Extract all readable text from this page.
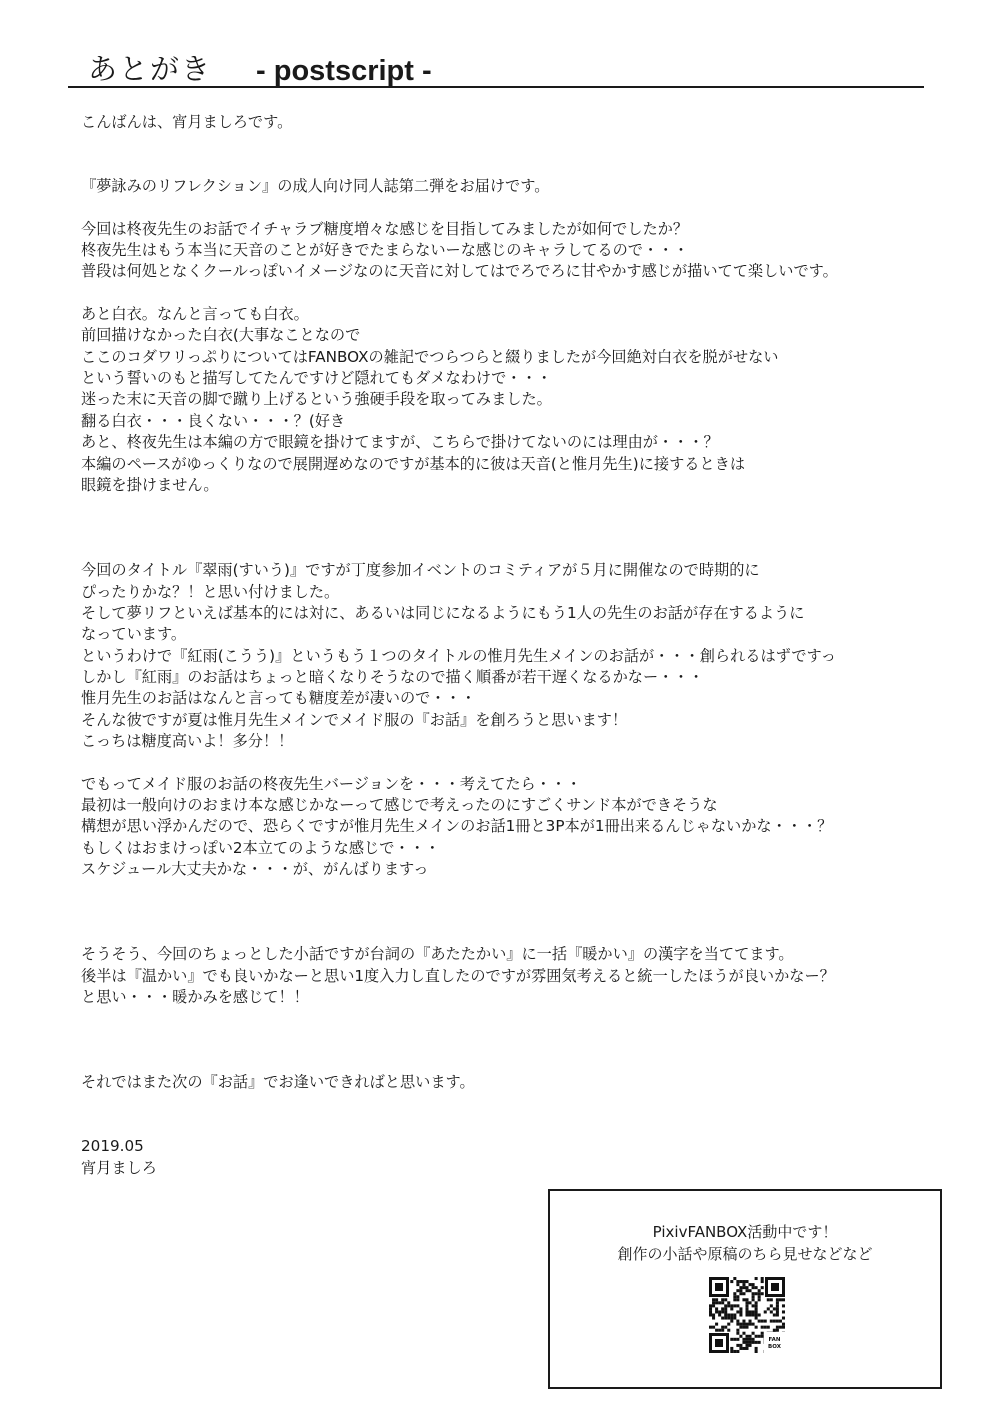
あとがき - postscript -
こんばんは、宵月ましろです。
『夢詠みのリフレクション』の成人向け同人誌第二弾をお届けです。
今回は柊夜先生のお話でイチャラブ糖度増々な感じを目指してみましたが如何でしたか？
柊夜先生はもう本当に天音のことが好きでたまらないーな感じのキャラしてるので・・・
普段は何処となくクールっぽいイメージなのに天音に対してはでろでろに甘やかす感じが描いてて楽しいです。
あと白衣。なんと言っても白衣。
前回描けなかった白衣(大事なことなので
ここのコダワリっぷりについてはFANBOXの雑記でつらつらと綴りましたが今回絶対白衣を脱がせない
という誓いのもと描写してたんですけど隠れてもダメなわけで・・・
迷った末に天音の脚で蹴り上げるという強硬手段を取ってみました。
翻る白衣・・・良くない・・・？(好き
あと、柊夜先生は本編の方で眼鏡を掛けてますが、こちらで掛けてないのには理由が・・・？
本編のペースがゆっくりなので展開遅めなのですが基本的に彼は天音(と惟月先生)に接するときは
眼鏡を掛けません。
今回のタイトル『翠雨(すいう)』ですが丁度参加イベントのコミティアが５月に開催なので時期的に
ぴったりかな？！と思い付けました。
そして夢リフといえば基本的には対に、あるいは同じになるようにもう1人の先生のお話が存在するように
なっています。
というわけで『紅雨(こうう)』というもう１つのタイトルの惟月先生メインのお話が・・・創られるはずですっ
しかし『紅雨』のお話はちょっと暗くなりそうなので描く順番が若干遅くなるかなー・・・
惟月先生のお話はなんと言っても糖度差が凄いので・・・
そんな彼ですが夏は惟月先生メインでメイド服の『お話』を創ろうと思います！
こっちは糖度高いよ！多分！！
でもってメイド服のお話の柊夜先生バージョンを・・・考えてたら・・・
最初は一般向けのおまけ本な感じかなーって感じで考えったのにすごくサンド本ができそうな
構想が思い浮かんだので、恐らくですが惟月先生メインのお話1冊と3P本が1冊出来るんじゃないかな・・・？
もしくはおまけっぽい2本立てのような感じで・・・
スケジュール大丈夫かな・・・が、がんばりますっ
そうそう、今回のちょっとした小話ですが台詞の『あたたかい』に一括『暖かい』の漢字を当ててます。
後半は『温かい』でも良いかなーと思い1度入力し直したのですが雰囲気考えると統一したほうが良いかなー？
と思い・・・暖かみを感じて！！
それではまた次の『お話』でお逢いできればと思います。
2019.05
宵月ましろ
PixivFANBOX活動中です！
創作の小話や原稿のちら見せなどなど
FAN
BOX
